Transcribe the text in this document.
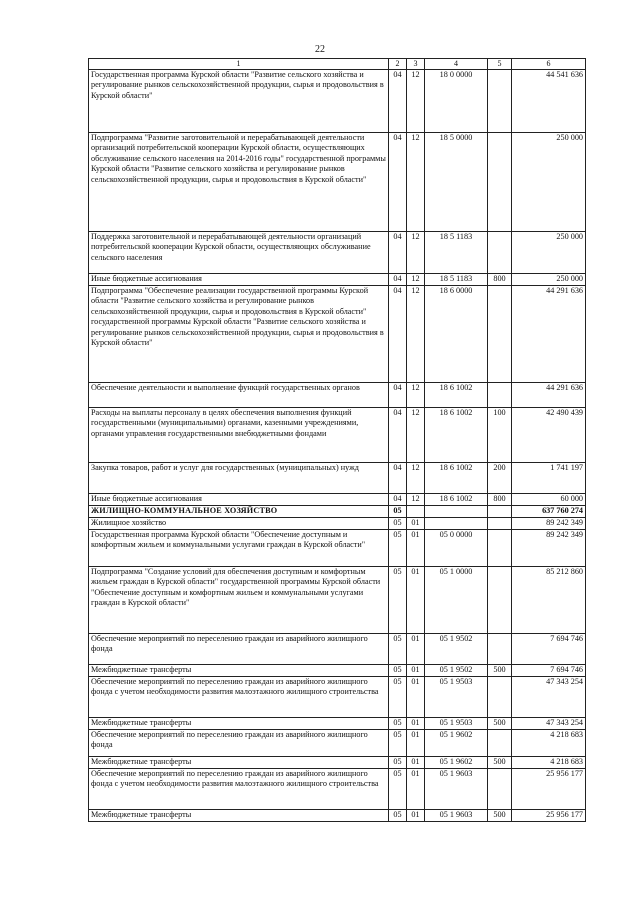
22
1	2	3	4	5	6
Государственная программа Курской области "Развитие сельского хозяйства и регулирование рынков сельскохозяйственной продукции, сырья и продовольствия в Курской области"	04	12	18 0 0000		44 541 636
Подпрограмма "Развитие заготовительной и перерабатывающей деятельности организаций потребительской кооперации Курской области, осуществляющих обслуживание сельского населения на 2014-2016 годы" государственной программы Курской области "Развитие сельского хозяйства и регулирование рынков сельскохозяйственной продукции, сырья и продовольствия в Курской области"	04	12	18 5 0000		250 000
Поддержка заготовительной и перерабатывающей деятельности организаций потребительской кооперации Курской области, осуществляющих обслуживание сельского населения	04	12	18 5 1183		250 000
Иные бюджетные ассигнования	04	12	18 5 1183	800	250 000
Подпрограмма "Обеспечение реализации государственной программы Курской области "Развитие сельского хозяйства и регулирование рынков сельскохозяйственной продукции, сырья и продовольствия в Курской области" государственной программы Курской области "Развитие сельского хозяйства и регулирование рынков сельскохозяйственной продукции, сырья и продовольствия в Курской области"	04	12	18 6 0000		44 291 636
Обеспечение деятельности и выполнение функций государственных органов	04	12	18 6 1002		44 291 636
Расходы на выплаты персоналу в целях обеспечения выполнения функций государственными (муниципальными) органами, казенными учреждениями, органами управления государственными внебюджетными фондами	04	12	18 6 1002	100	42 490 439
Закупка товаров, работ и услуг для государственных (муниципальных) нужд	04	12	18 6 1002	200	1 741 197
Иные бюджетные ассигнования	04	12	18 6 1002	800	60 000
ЖИЛИЩНО-КОММУНАЛЬНОЕ ХОЗЯЙСТВО	05				637 760 274
Жилищное хозяйство	05	01			89 242 349
Государственная программа Курской области "Обеспечение доступным и комфортным жильем и коммунальными услугами граждан в Курской области"	05	01	05 0 0000		89 242 349
Подпрограмма "Создание условий для обеспечения доступным и комфортным жильем граждан в Курской области" государственной программы Курской области "Обеспечение доступным и комфортным жильем и коммунальными услугами граждан в Курской области"	05	01	05 1 0000		85 212 860
Обеспечение мероприятий по переселению граждан из аварийного жилищного фонда	05	01	05 1 9502		7 694 746
Межбюджетные трансферты	05	01	05 1 9502	500	7 694 746
Обеспечение мероприятий по переселению граждан из аварийного жилищного фонда с учетом необходимости развития малоэтажного жилищного строительства	05	01	05 1 9503		47 343 254
Межбюджетные трансферты	05	01	05 1 9503	500	47 343 254
Обеспечение мероприятий по переселению граждан из аварийного жилищного фонда	05	01	05 1 9602		4 218 683
Межбюджетные трансферты	05	01	05 1 9602	500	4 218 683
Обеспечение мероприятий по переселению граждан из аварийного жилищного фонда с учетом необходимости развития малоэтажного жилищного строительства	05	01	05 1 9603		25 956 177
Межбюджетные трансферты	05	01	05 1 9603	500	25 956 177
